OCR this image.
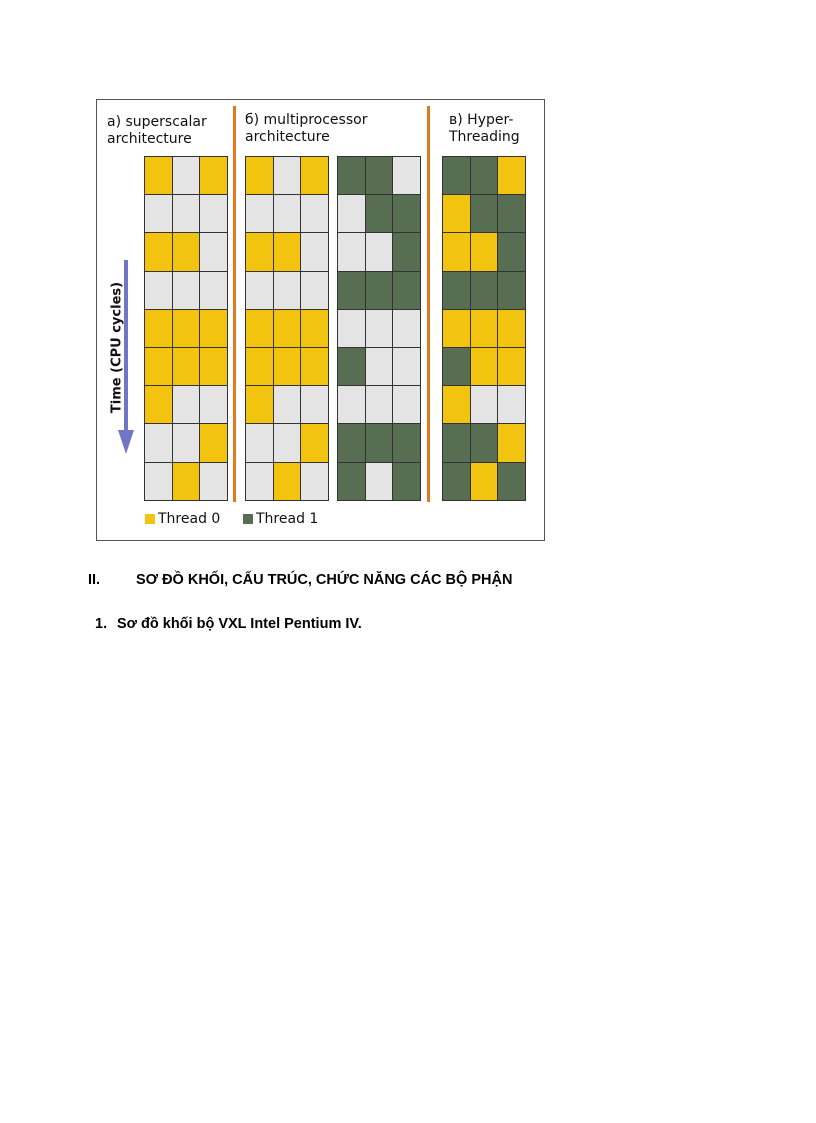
a) superscalar
architecture
б) multiprocessor
architecture
в) Hyper-
Threading
Time (CPU cycles)
Thread 0	Thread 1
II.	SƠ ĐỒ KHỐI, CẤU TRÚC, CHỨC NĂNG CÁC BỘ PHẬN
1. Sơ đồ khối bộ VXL Intel Pentium IV.
